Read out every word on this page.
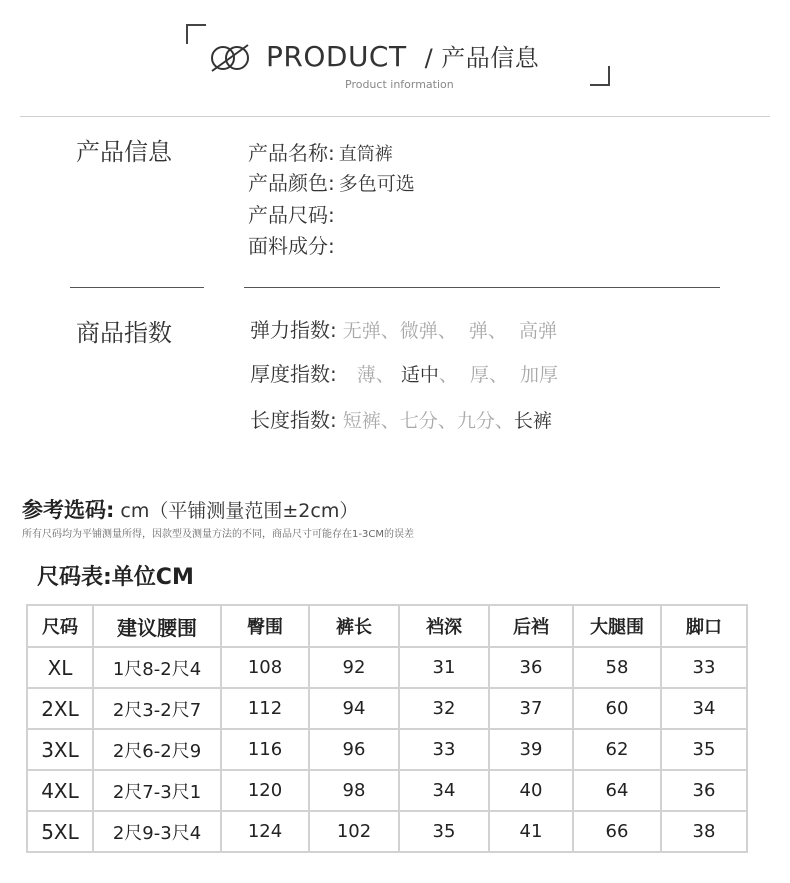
PRODUCT / 产品信息
Product information
产品信息	产品名称: 直筒裤
产品颜色: 多色可选
产品尺码:
面料成分:
商品指数	弹力指数: 无弹、微弹、  弹、  高弹
厚度指数: 薄、 适中、  厚、  加厚
长度指数: 短裤、七分、九分、长裤
参考选码: cm（平铺测量范围±2cm）
所有尺码均为平铺测量所得，因款型及测量方法的不同，商品尺寸可能存在1-3CM的误差
尺码表:单位CM
尺码	建议腰围	臀围	裤长	裆深	后裆	大腿围	脚口
XL	1尺8-2尺4	108	92	31	36	58	33
2XL	2尺3-2尺7	112	94	32	37	60	34
3XL	2尺6-2尺9	116	96	33	39	62	35
4XL	2尺7-3尺1	120	98	34	40	64	36
5XL	2尺9-3尺4	124	102	35	41	66	38
